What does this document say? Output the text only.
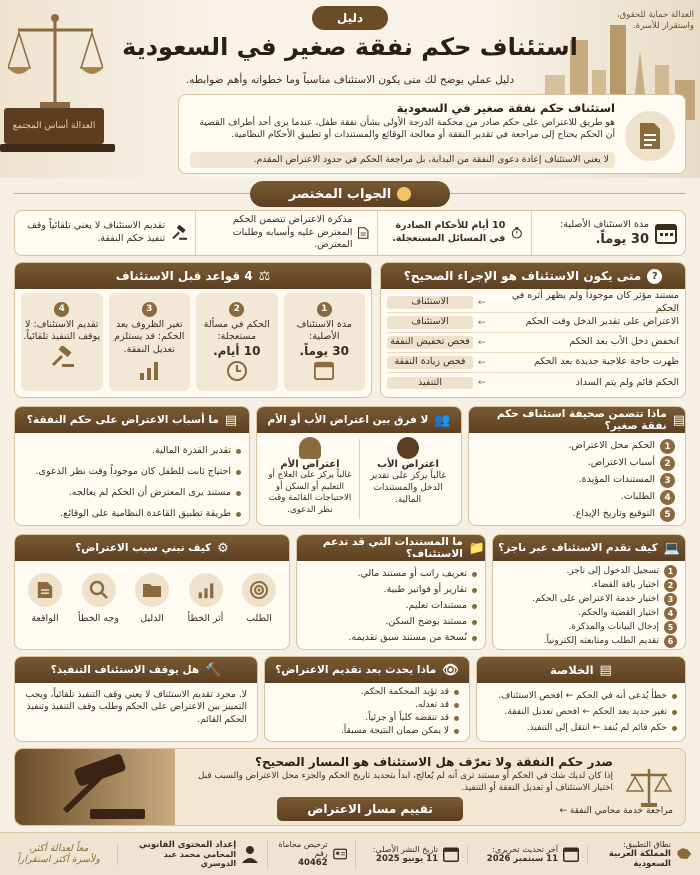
العدالة أساس المجتمع
العدالة حماية للحقوق، واستقرار للأسرة.
دليل
استئناف حكم نفقة صغير في السعودية
دليل عملي يوضح لك متى يكون الاستئناف مناسباً وما خطواته وأهم ضوابطه.
استئناف حكم نفقة صغير في السعودية
هو طريق للاعتراض على حكم صادر من محكمة الدرجة الأولى بشأن نفقة طفل، عندما يرى أحد أطراف القضية أن الحكم يحتاج إلى مراجعة في تقدير النفقة أو معالجة الوقائع والمستندات أو تطبيق الأحكام النظامية.
لا يعني الاستئناف إعادة دعوى النفقة من البداية، بل مراجعة الحكم في حدود الاعتراض المقدم.
الجواب المختصر
مدة الاستئناف الأصلية:
30 يوماً.
10 أيام للأحكام الصادرة في المسائل المستعجلة.
مذكرة الاعتراض تتضمن الحكم المعترض عليه وأسبابه وطلبات المعترض.
تقديم الاستئناف لا يعني تلقائياً وقف تنفيذ حكم النفقة.
?
متى يكون الاستئناف هو الإجراء الصحيح؟
مستند مؤثر كان موجوداً ولم يظهر أثره في الحكم
←
الاستئناف
الاعتراض على تقدير الدخل وقت الحكم
←
الاستئناف
انخفض دخل الأب بعد الحكم
←
فحص تخفيض النفقة
ظهرت حاجة علاجية جديدة بعد الحكم
←
فحص زيادة النفقة
الحكم قائم ولم يتم السداد
←
التنفيذ
⚖
4 قواعد قبل الاستئناف
1
مدة الاستئناف الأصلية:
30 يوماً.
2
الحكم في مسألة مستعجلة:
10 أيام.
3
تغير الظروف بعد الحكم: قد يستلزم تعديل النفقة.
4
تقديم الاستئناف: لا يوقف التنفيذ تلقائياً.
▤
ماذا تتضمن صحيفة استئناف حكم نفقة صغير؟
1
الحكم محل الاعتراض.
2
أسباب الاعتراض.
3
المستندات المؤيدة.
4
الطلبات.
5
التوقيع وتاريخ الإيداع.
👥
لا فرق بين اعتراض الأب أو الأم
اعتراض الأب
غالباً يركز على تقدير الدخل والمستندات المالية.
اعتراض الأم
غالباً يركز على العلاج أو التعليم أو السكن أو الاحتياجات القائمة وقت نظر الدعوى.
▤
ما أسباب الاعتراض على حكم النفقة؟
تقدير القدرة المالية.
احتياج ثابت للطفل كان موجوداً وقت نظر الدعوى.
مستند يرى المعترض أن الحكم لم يعالجه.
طريقة تطبيق القاعدة النظامية على الوقائع.
💻
كيف تقدم الاستئناف عبر ناجز؟
1
تسجيل الدخول إلى ناجز.
2
اختيار باقة القضاء.
3
اختيار خدمة الاعتراض على الحكم.
4
اختيار القضية والحكم.
5
إدخال البيانات والمذكرة.
6
تقديم الطلب ومتابعته إلكترونياً.
📁
ما المستندات التي قد تدعم الاستئناف؟
تعريف راتب أو مستند مالي.
تقارير أو فواتير طبية.
مستندات تعليم.
مستند يوضح السكن.
نُسخة من مستند سبق تقديمه.
⚙
كيف تبني سبب الاعتراض؟
الطلب
أثر الخطأ
الدليل
وجه الخطأ
الواقعة
▤
الخلاصة
خطأ يُدعى أنه في الحكم ← افحص الاستئناف.
تغير جديد بعد الحكم ← افحص تعديل النفقة.
حكم قائم لم يُنفذ ← انتقل إلى التنفيذ.
👁
ماذا يحدث بعد تقديم الاعتراض؟
قد تؤيد المحكمة الحكم.
قد تعدله.
قد تنقضه كلياً أو جزئياً.
لا يمكن ضمان النتيجة مسبقاً.
🔨
هل يوقف الاستئناف التنفيذ؟
لا. مجرد تقديم الاستئناف لا يعني وقف التنفيذ تلقائياً، ويجب التمييز بين الاعتراض على الحكم وطلب وقف التنفيذ وتنفيذ الحكم القائم.
صدر حكم النفقة ولا تعرّف هل الاستئناف هو المسار الصحيح؟
إذا كان لديك شك في الحكم أو مستند ترى أنه لم يُعالج، ابدأ بتحديد تاريخ الحكم والجزء محل الاعتراض والسبب قبل اختيار الاستئناف أو تعديل النفقة أو التنفيذ.
تقييم مسار الاعتراض	مراجعة خدمة محامي النفقة ←
نطاق التطبيق:
المملكة العربية السعودية
آخر تحديث تحريري:
11 سبتمبر 2026
تاريخ النشر الأصلي:
11 يونيو 2025
ترخيص محاماة رقم
40462
إعداد المحتوى القانوني
المحامي محمد عبد الدوسري
معاً لعدالة أكثر،
ولأسرة أكثر استقراراً
